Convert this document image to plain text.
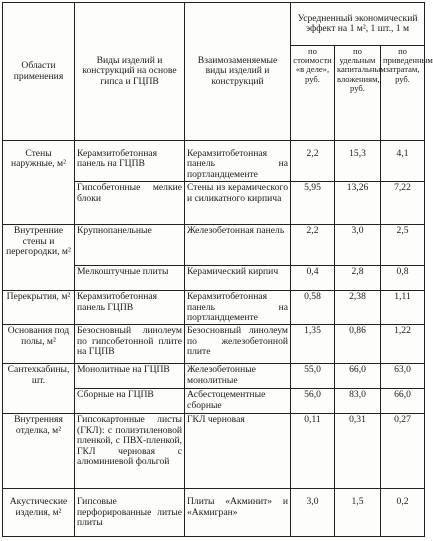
Области применения	Виды изделий и конструкций на основе гипса и ГЦПВ	Взаимозаменяемые виды изделий и конструкций	Усредненный экономический эффект на 1 м², 1 шт., 1 м		
			по стоимости «в деле», руб.	по удельным капитальным вложениям, руб.	по приведенным затратам, руб.
Стены наружные, м²	Керамзитобетонная панель на ГЦПВ	Керамзитобетонная панель на портландцементе	2,2	15,3	4,1
	Гипсобетонные мелкие блоки	Стены из керамического и силикатного кирпича	5,95	13,26	7,22
Внутренние стены и перегородки, м²	Крупнопанельные	Железобетонная панель	2,2	3,0	2,5
	Мелкоштучные плиты	Керамический кирпич	0,4	2,8	0,8
Перекрытия, м²	Керамзитобетонная панель ГЦПВ	Керамзитобетонная панель на портландцементе	0,58	2,38	1,11
Основания под полы, м²	Безосновный линолеум по гипсобетонной плите на ГЦПВ	Безосновный линолеум по железобетонной плите	1,35	0,86	1,22
Сантехкабины, шт.	Монолитные на ГЦПВ	Железобетонные монолитные	55,0	66,0	63,0
	Сборные на ГЦПВ	Асбестоцементные сборные	56,0	83,0	66,0
Внутренняя отделка, м²	Гипсокартонные листы (ГКЛ): с полиэтиленовой пленкой, с ПВХ-пленкой, ГКЛ черновая с алюминиевой фольгой	ГКЛ черновая	0,11	0,31	0,27
Акустические изделия, м²	Гипсовые перфорированные литые плиты	Плиты «Акминит» и «Акмигран»	3,0	1,5	0,2
